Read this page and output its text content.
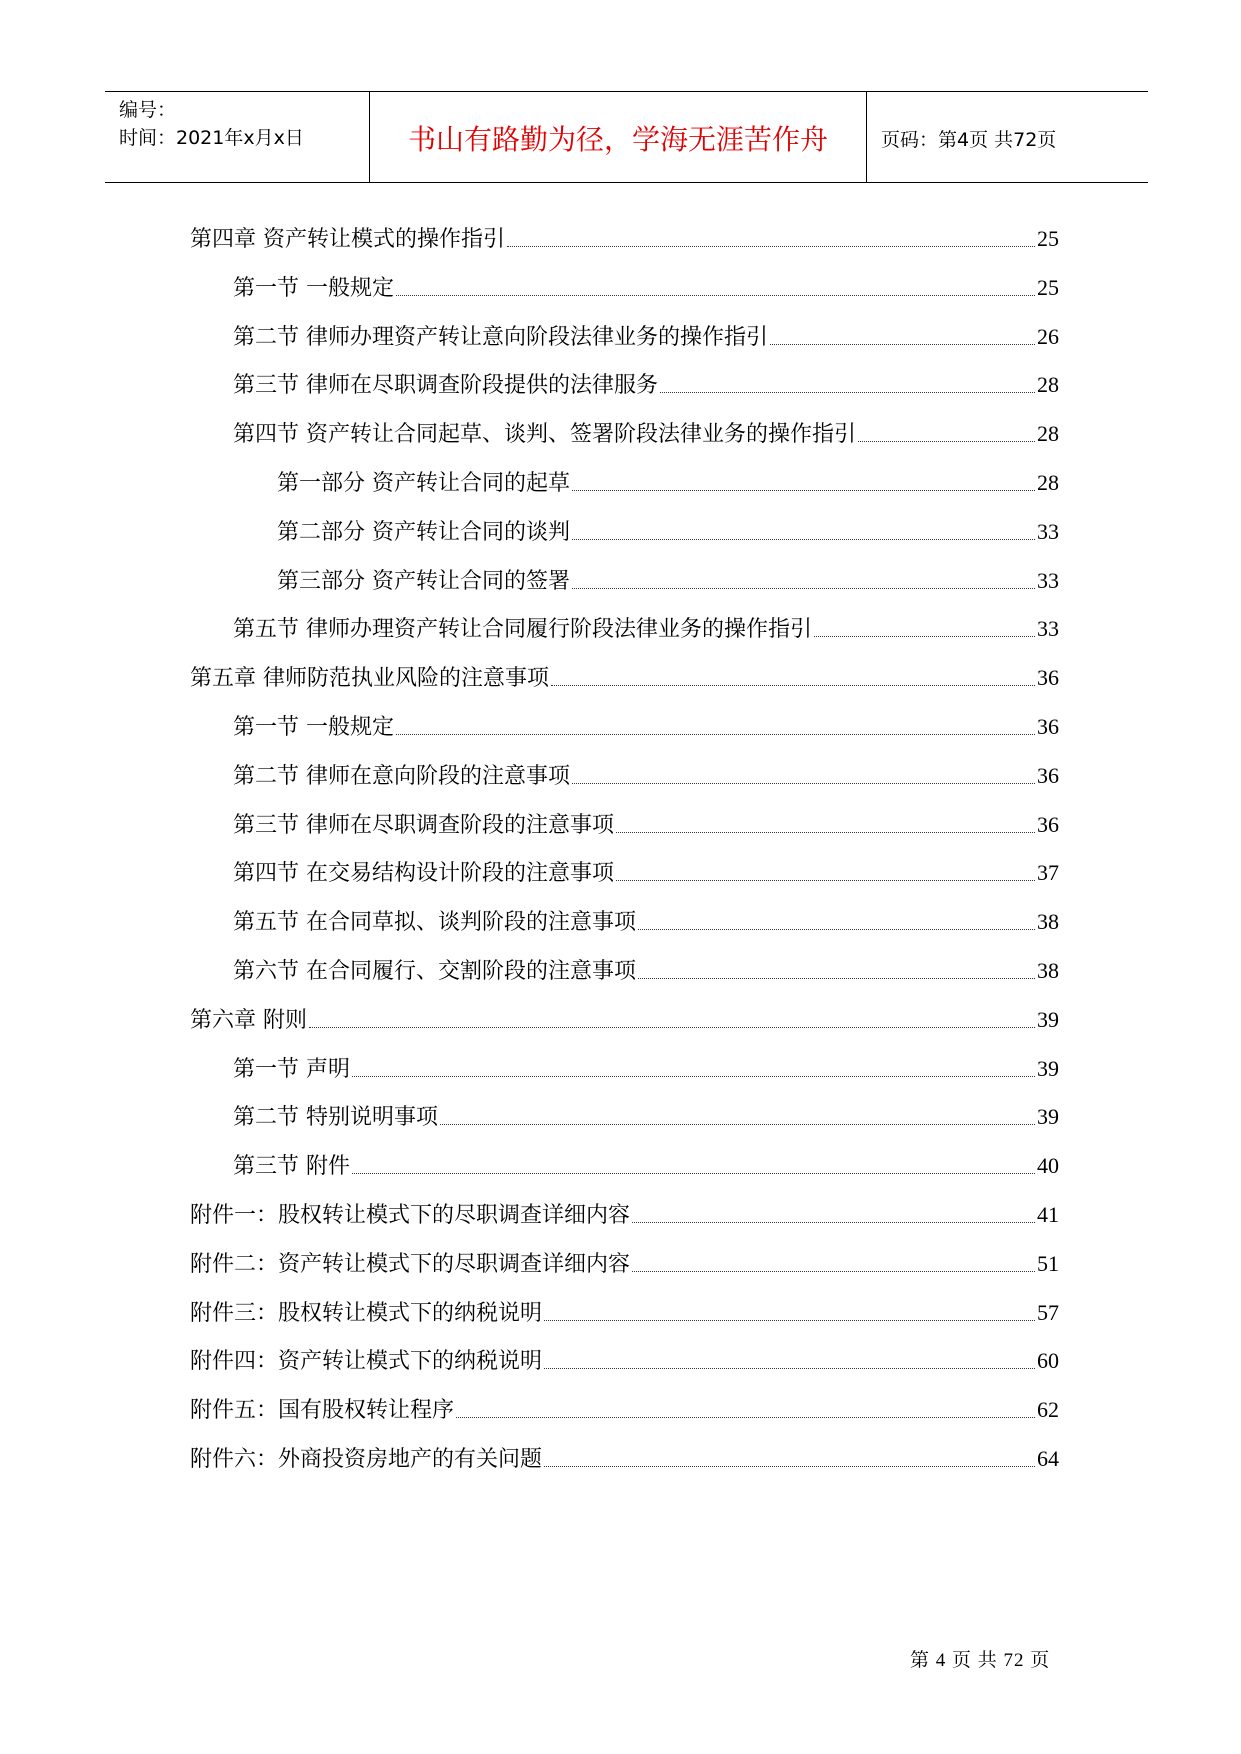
编号：
时间：2021年x月x日	书山有路勤为径，学海无涯苦作舟	页码：第4页 共72页
第四章 资产转让模式的操作指引	25
第一节 一般规定	25
第二节 律师办理资产转让意向阶段法律业务的操作指引	26
第三节 律师在尽职调查阶段提供的法律服务	28
第四节 资产转让合同起草、谈判、签署阶段法律业务的操作指引	28
第一部分 资产转让合同的起草	28
第二部分 资产转让合同的谈判	33
第三部分 资产转让合同的签署	33
第五节 律师办理资产转让合同履行阶段法律业务的操作指引	33
第五章 律师防范执业风险的注意事项	36
第一节 一般规定	36
第二节 律师在意向阶段的注意事项	36
第三节 律师在尽职调查阶段的注意事项	36
第四节 在交易结构设计阶段的注意事项	37
第五节 在合同草拟、谈判阶段的注意事项	38
第六节 在合同履行、交割阶段的注意事项	38
第六章 附则	39
第一节 声明	39
第二节 特别说明事项	39
第三节 附件	40
附件一：股权转让模式下的尽职调查详细内容	41
附件二：资产转让模式下的尽职调查详细内容	51
附件三：股权转让模式下的纳税说明	57
附件四：资产转让模式下的纳税说明	60
附件五：国有股权转让程序	62
附件六：外商投资房地产的有关问题	64
第 4 页 共 72 页
